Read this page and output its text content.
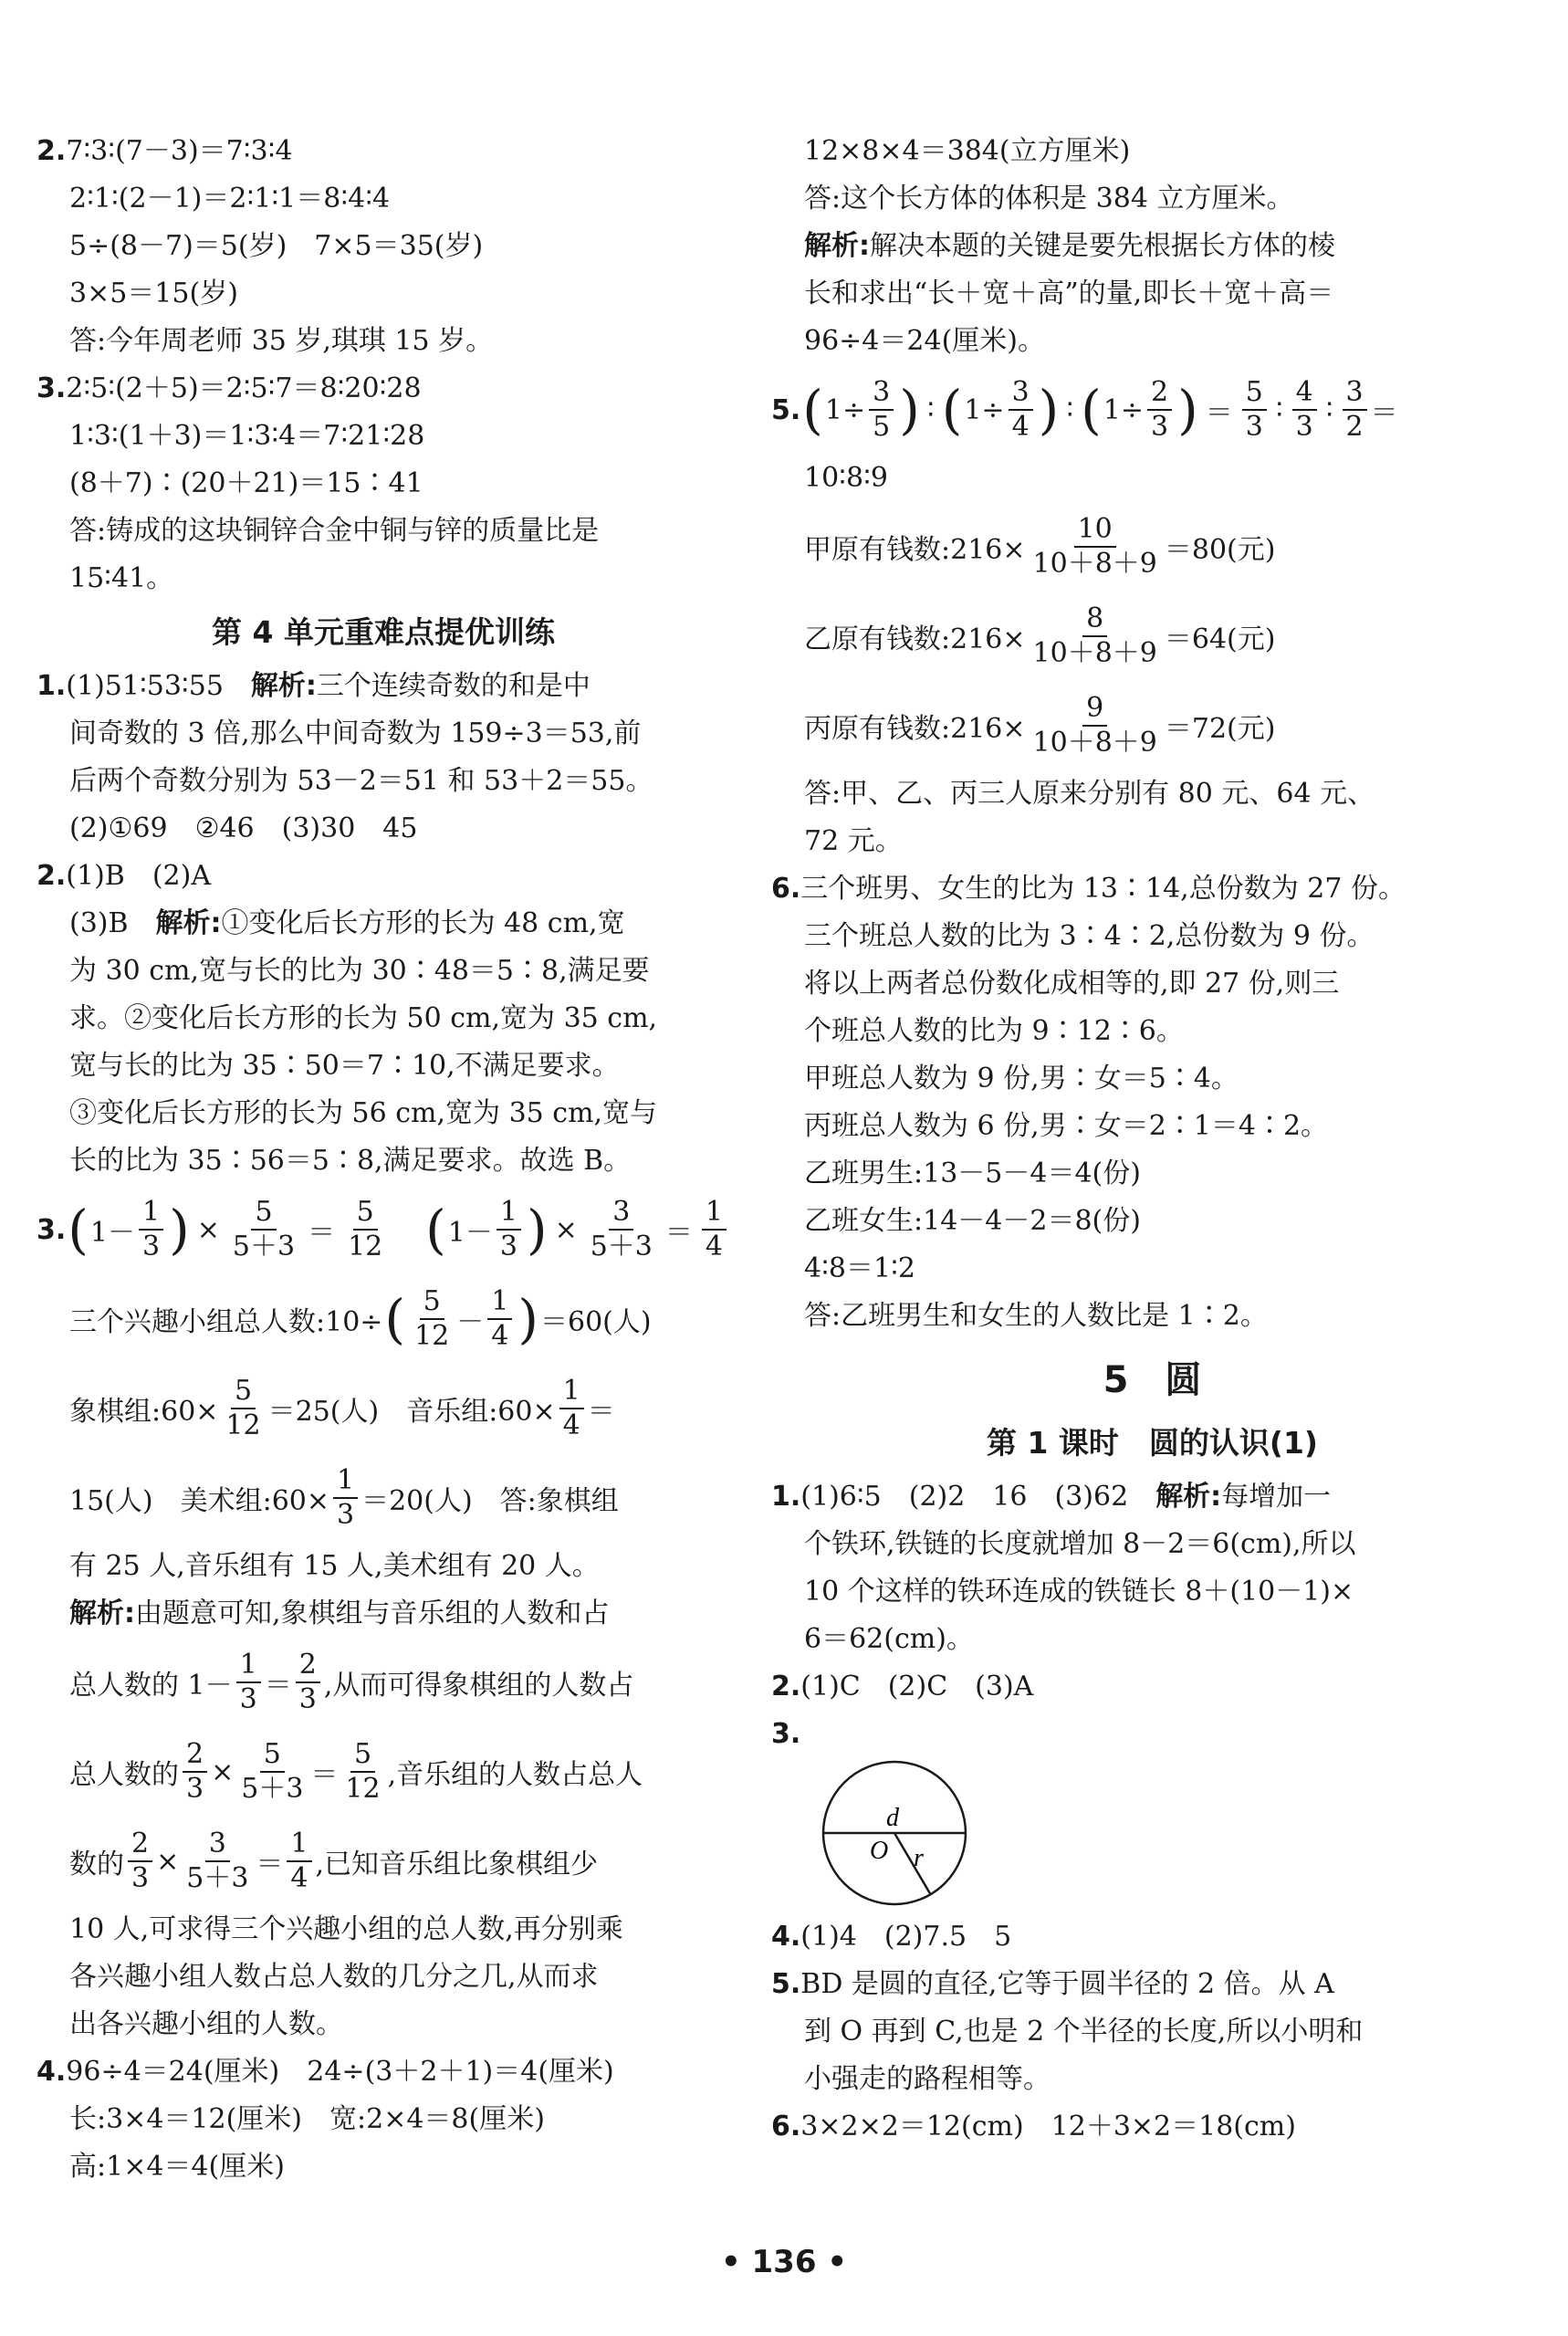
2.7∶3∶(7－3)＝7∶3∶4
2∶1∶(2－1)＝2∶1∶1＝8∶4∶4
5÷(8－7)＝5(岁)　7×5＝35(岁)
3×5＝15(岁)
答:今年周老师 35 岁,琪琪 15 岁。
3.2∶5∶(2＋5)＝2∶5∶7＝8∶20∶28
1∶3∶(1＋3)＝1∶3∶4＝7∶21∶28
(8＋7)∶(20＋21)＝15∶41
答:铸成的这块铜锌合金中铜与锌的质量比是
15∶41。
第 4 单元重难点提优训练
1.(1)51∶53∶55　解析:三个连续奇数的和是中
间奇数的 3 倍,那么中间奇数为 159÷3＝53,前
后两个奇数分别为 53－2＝51 和 53＋2＝55。
(2)①69　②46　(3)30　45
2.(1)B　(2)A
(3)B　解析:①变化后长方形的长为 48 cm,宽
为 30 cm,宽与长的比为 30∶48＝5∶8,满足要
求。②变化后长方形的长为 50 cm,宽为 35 cm,
宽与长的比为 35∶50＝7∶10,不满足要求。
③变化后长方形的长为 56 cm,宽为 35 cm,宽与
长的比为 35∶56＝5∶8,满足要求。故选 B。
3. ( 1－
1
3 ) × $\frac{5}{5+3}$ ＝
5
12 ( 1－
1
3 ) × $\frac{3}{5+3}$ ＝
1
4
三个兴趣小组总人数:10÷ ( 5
12 －
1
4 ) ＝60(人)
象棋组:60× $\frac{5}{12} =25$(人)　音乐组:60× $\frac{1}{4}$ ＝
15(人)　美术组:60× $\frac{1}{3} =20$(人)　答:象棋组
有 25 人,音乐组有 15 人,美术组有 20 人。
解析:由题意可知,象棋组与音乐组的人数和占
总人数的 1－
1
3 ＝
2
3 ,从而可得象棋组的人数占
总人数的 $\frac{2}{3} \times \frac{5}{5+3}$ ＝
5
12 ,音乐组的人数占总人
数的 $\frac{2}{3} \times \frac{3}{5+3}$ ＝
1
4 ,已知音乐组比象棋组少
10 人,可求得三个兴趣小组的总人数,再分别乘
各兴趣小组人数占总人数的几分之几,从而求
出各兴趣小组的人数。
4.96÷4＝24(厘米)　24÷(3＋2＋1)＝4(厘米)
长:3×4＝12(厘米)　宽:2×4＝8(厘米)
高:1×4＝4(厘米)
12×8×4＝384(立方厘米)
答:这个长方体的体积是 384 立方厘米。
解析:解决本题的关键是要先根据长方体的棱
长和求出“长＋宽＋高”的量,即长＋宽＋高＝
96÷4＝24(厘米)。
5. ( $1\div \frac{3}{5}$ ) ∶ ( $1\div \frac{3}{4}$ ) ∶ ( $1\div \frac{2}{3}$ ) ＝
5
3
∶
4
3
∶
3
2 ＝
10∶8∶9
甲原有钱数:216× $\frac{10}{10+8+9} =80$(元)
乙原有钱数:216× $\frac{8}{10+8+9} =64$(元)
丙原有钱数:216× $\frac{9}{10+8+9} =72$(元)
答:甲、乙、丙三人原来分别有 80 元、64 元、
72 元。
6.三个班男、女生的比为 13∶14,总份数为 27 份。
三个班总人数的比为 3∶4∶2,总份数为 9 份。
将以上两者总份数化成相等的,即 27 份,则三
个班总人数的比为 9∶12∶6。
甲班总人数为 9 份,男∶女＝5∶4。
丙班总人数为 6 份,男∶女＝2∶1＝4∶2。
乙班男生:13－5－4＝4(份)
乙班女生:14－4－2＝8(份)
4∶8＝1∶2
答:乙班男生和女生的人数比是 1∶2。
5　圆
第 1 课时　圆的认识(1)
1.(1)6∶5　(2)2　16　(3)62　解析:每增加一
个铁环,铁链的长度就增加 8－2＝6(cm),所以
10 个这样的铁环连成的铁链长 8＋(10－1)×
6＝62(cm)。
2.(1)C　(2)C　(3)A
3.
d
O r
4.(1)4　(2)7.5　5
5.BD 是圆的直径,它等于圆半径的 2 倍。从 A
到 O 再到 C,也是 2 个半径的长度,所以小明和
小强走的路程相等。
6.3×2×2＝12(cm)　12＋3×2＝18(cm)
• 136 •
